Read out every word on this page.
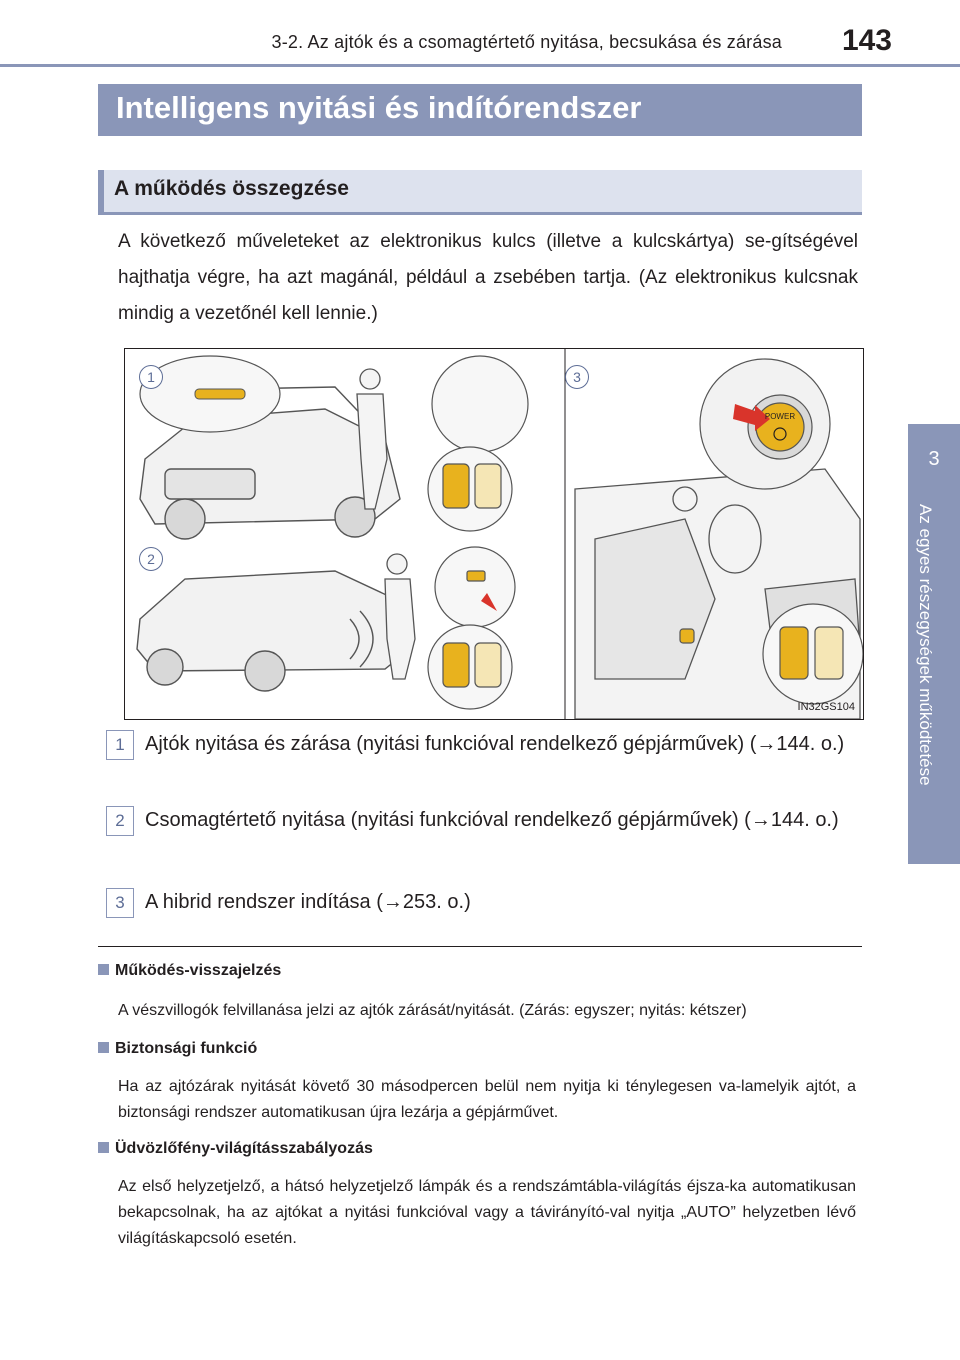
3-2. Az ajtók és a csomagtértető nyitása, becsukása és zárása 143
3
Az egyes részegységek működtetése
Intelligens nyitási és indítórendszer
A működés összegzése
A következő műveleteket az elektronikus kulcs (illetve a kulcskártya) se-gítségével hajthatja végre, ha azt magánál, például a zsebében tartja. (Az elektronikus kulcsnak mindig a vezetőnél kell lennie.)
POWER
1
2
3
IN32GS104
1	Ajtók nyitása és zárása (nyitási funkcióval rendelkező gépjárművek) (→144. o.)
2	Csomagtértető nyitása (nyitási funkcióval rendelkező gépjárművek) (→144. o.)
3	A hibrid rendszer indítása (→253. o.)
Működés-visszajelzés
A vészvillogók felvillanása jelzi az ajtók zárását/nyitását. (Zárás: egyszer; nyitás: kétszer)
Biztonsági funkció
Ha az ajtózárak nyitását követő 30 másodpercen belül nem nyitja ki ténylegesen va-lamelyik ajtót, a biztonsági rendszer automatikusan újra lezárja a gépjárművet.
Üdvözlőfény-világításszabályozás
Az első helyzetjelző, a hátsó helyzetjelző lámpák és a rendszámtábla-világítás éjsza-ka automatikusan bekapcsolnak, ha az ajtókat a nyitási funkcióval vagy a távirányító-val nyitja „AUTO” helyzetben lévő világításkapcsoló esetén.
